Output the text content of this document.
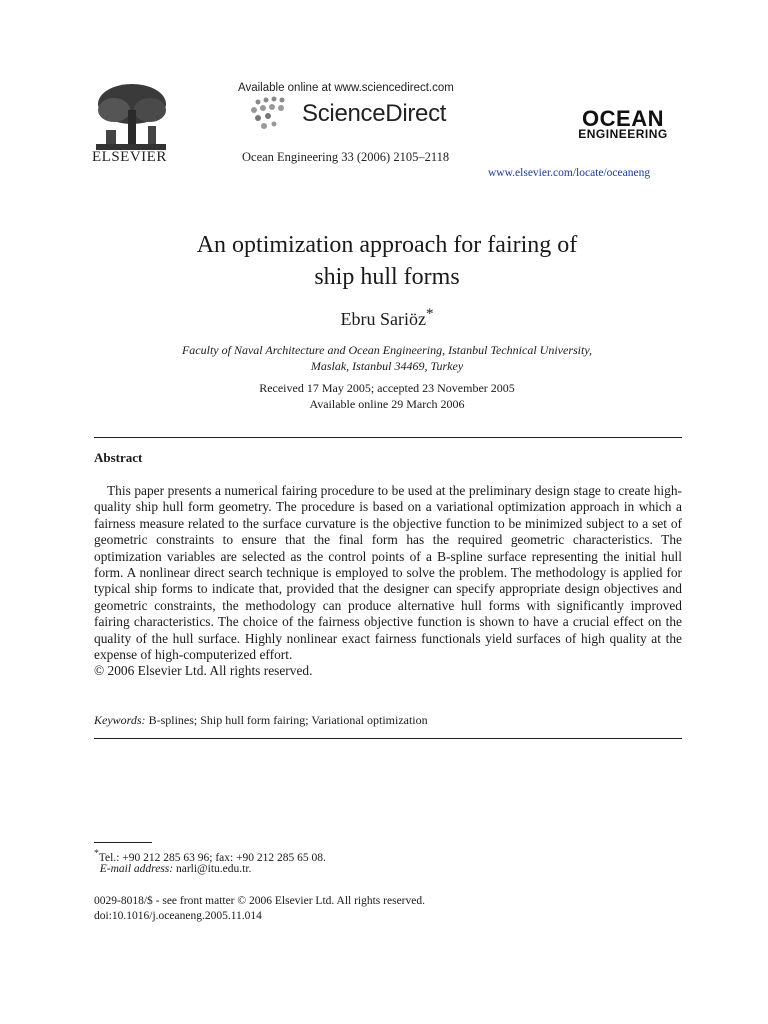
ELSEVIER
Available online at www.sciencedirect.com
ScienceDirect
Ocean Engineering 33 (2006) 2105–2118
OCEAN
ENGINEERING
www.elsevier.com/locate/oceaneng
An optimization approach for fairing of
ship hull forms
Ebru Sariöz*
Faculty of Naval Architecture and Ocean Engineering, Istanbul Technical University,
Maslak, Istanbul 34469, Turkey
Received 17 May 2005; accepted 23 November 2005
Available online 29 March 2006
Abstract

This paper presents a numerical fairing procedure to be used at the preliminary design stage to create high-quality ship hull form geometry. The procedure is based on a variational optimization approach in which a fairness measure related to the surface curvature is the objective function to be minimized subject to a set of geometric constraints to ensure that the final form has the required geometric characteristics. The optimization variables are selected as the control points of a B-spline surface representing the initial hull form. A nonlinear direct search technique is employed to solve the problem. The methodology is applied for typical ship forms to indicate that, provided that the designer can specify appropriate design objectives and geometric constraints, the methodology can produce alternative hull forms with significantly improved fairing characteristics. The choice of the fairness objective function is shown to have a crucial effect on the quality of the hull surface. Highly nonlinear exact fairness functionals yield surfaces of high quality at the expense of high-computerized effort.
© 2006 Elsevier Ltd. All rights reserved.

Keywords: B-splines; Ship hull form fairing; Variational optimization
*Tel.: +90 212 285 63 96; fax: +90 212 285 65 08.
E-mail address: narli@itu.edu.tr.
0029-8018/$ - see front matter © 2006 Elsevier Ltd. All rights reserved.
doi:10.1016/j.oceaneng.2005.11.014
